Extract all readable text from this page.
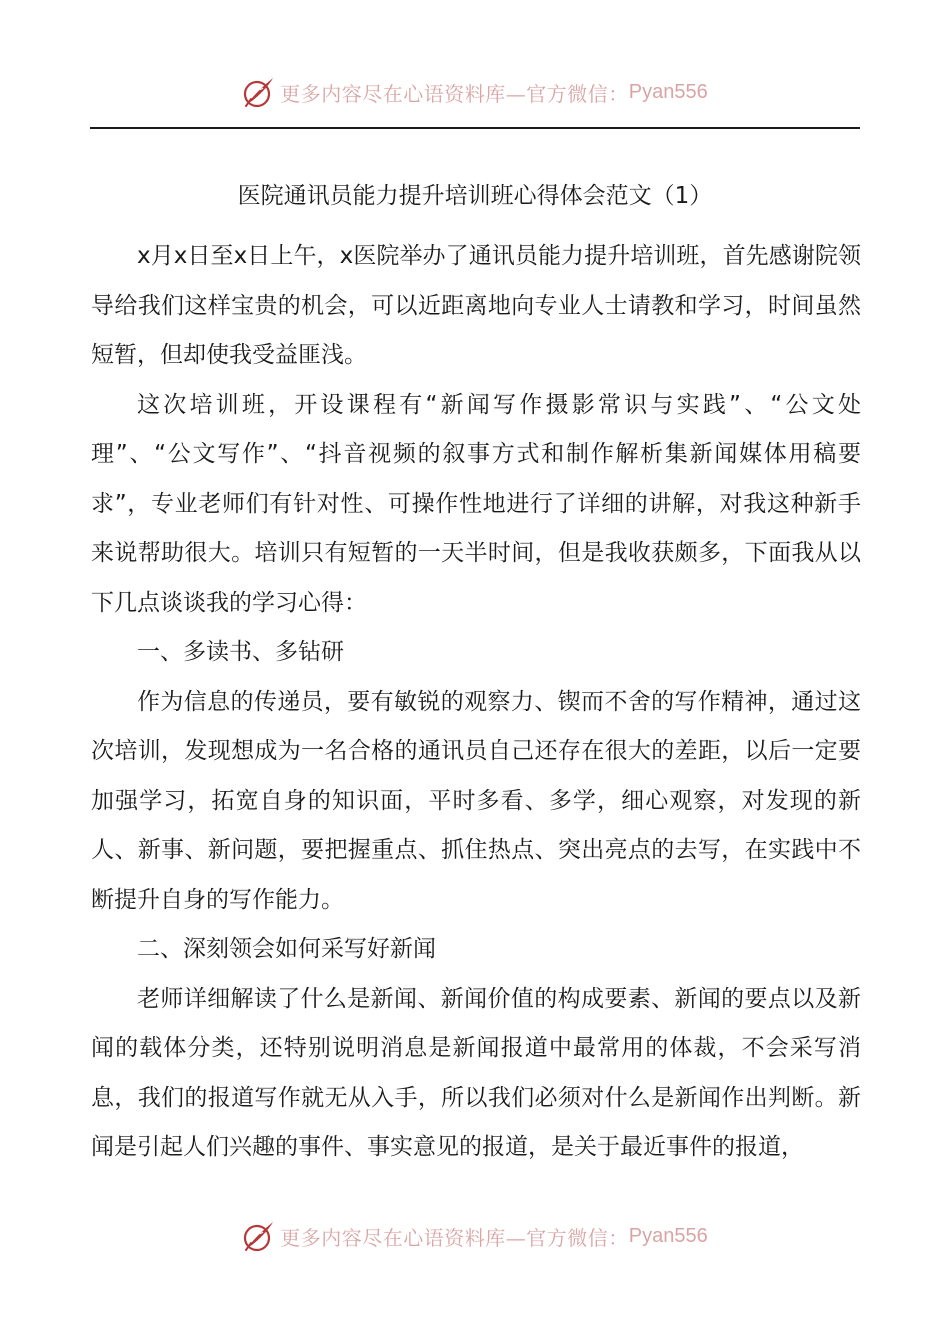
更多内容尽在心语资料库—官方微信： Pyan556
医院通讯员能力提升培训班心得体会范文（1）

x月x日至x日上午，x医院举办了通讯员能力提升培训班，首先感谢院领导给我们这样宝贵的机会，可以近距离地向专业人士请教和学习，时间虽然短暂，但却使我受益匪浅。

这次培训班，开设课程有“新闻写作摄影常识与实践”、“公文处理”、“公文写作”、“抖音视频的叙事方式和制作解析集新闻媒体用稿要求”，专业老师们有针对性、可操作性地进行了详细的讲解，对我这种新手来说帮助很大。培训只有短暂的一天半时间，但是我收获颇多，下面我从以下几点谈谈我的学习心得：

一、多读书、多钻研

作为信息的传递员，要有敏锐的观察力、锲而不舍的写作精神，通过这次培训，发现想成为一名合格的通讯员自己还存在很大的差距，以后一定要加强学习，拓宽自身的知识面，平时多看、多学，细心观察，对发现的新人、新事、新问题，要把握重点、抓住热点、突出亮点的去写，在实践中不断提升自身的写作能力。

二、深刻领会如何采写好新闻

老师详细解读了什么是新闻、新闻价值的构成要素、新闻的要点以及新闻的载体分类，还特别说明消息是新闻报道中最常用的体裁，不会采写消息，我们的报道写作就无从入手，所以我们必须对什么是新闻作出判断。新闻是引起人们兴趣的事件、事实意见的报道，是关于最近事件的报道，

更多内容尽在心语资料库—官方微信： Pyan556
